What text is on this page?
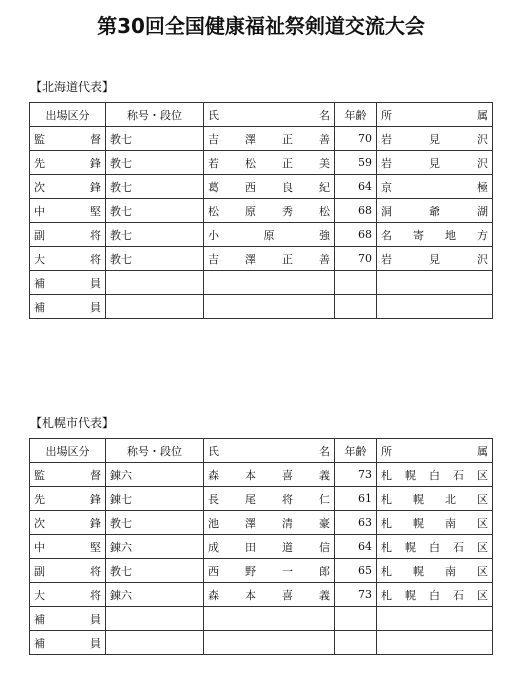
第30回全国健康福祉祭剣道交流大会
【北海道代表】
出場区分	称号・段位	氏　名	年齢	所　属
監督	教七	吉澤正善	70	岩見沢
先鋒	教七	若松正美	59	岩見沢
次鋒	教七	葛西良紀	64	京極
中堅	教七	松原秀松	68	洞爺湖
副将	教七	小原強	68	名寄地方
大将	教七	吉澤正善	70	岩見沢
補員				
補員				
【札幌市代表】
出場区分	称号・段位	氏　名	年齢	所　属
監督	錬六	森本喜義	73	札幌白石区
先鋒	錬七	長尾将仁	61	札幌北区
次鋒	教七	池澤清豪	63	札幌南区
中堅	錬六	成田道信	64	札幌白石区
副将	教七	西野一郎	65	札幌南区
大将	錬六	森本喜義	73	札幌白石区
補員				
補員				
